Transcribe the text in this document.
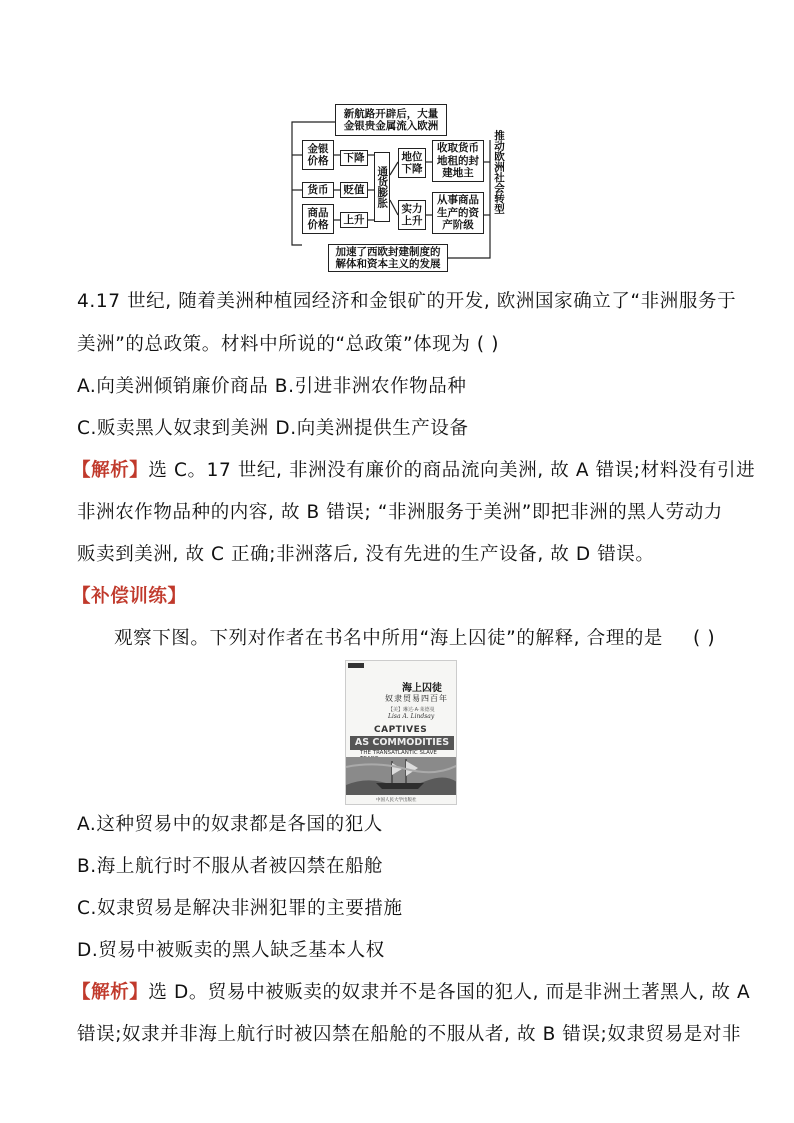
新航路开辟后，大量
金银贵金属流入欧洲
金银
价格
货币
商品
价格
下降
贬值
上升
通货膨胀
地位
下降
实力
上升
收取货币
地租的封
建地主
从事商品
生产的资
产阶级
推动欧洲社会转型
加速了西欧封建制度的
解体和资本主义的发展
4.17 世纪, 随着美洲种植园经济和金银矿的开发, 欧洲国家确立了“非洲服务于
美洲”的总政策。材料中所说的“总政策”体现为 ( )
A.向美洲倾销廉价商品 B.引进非洲农作物品种
C.贩卖黑人奴隶到美洲 D.向美洲提供生产设备
【解析】选 C。17 世纪, 非洲没有廉价的商品流向美洲, 故 A 错误;材料没有引进
非洲农作物品种的内容, 故 B 错误; “非洲服务于美洲”即把非洲的黑人劳动力
贩卖到美洲, 故 C 正确;非洲落后, 没有先进的生产设备, 故 D 错误。
【补偿训练】
观察下图。下列对作者在书名中所用“海上囚徒”的解释, 合理的是 ( )
海上囚徒
奴隶贸易四百年
【美】琳达·A·莱德曼
Lisa A. Lindsay
CAPTIVES
AS COMMODITIES
THE TRANSATLANTIC SLAVE
中国人民大学出版社
A.这种贸易中的奴隶都是各国的犯人
B.海上航行时不服从者被囚禁在船舱
C.奴隶贸易是解决非洲犯罪的主要措施
D.贸易中被贩卖的黑人缺乏基本人权
【解析】选 D。贸易中被贩卖的奴隶并不是各国的犯人, 而是非洲土著黑人, 故 A
错误;奴隶并非海上航行时被囚禁在船舱的不服从者, 故 B 错误;奴隶贸易是对非
